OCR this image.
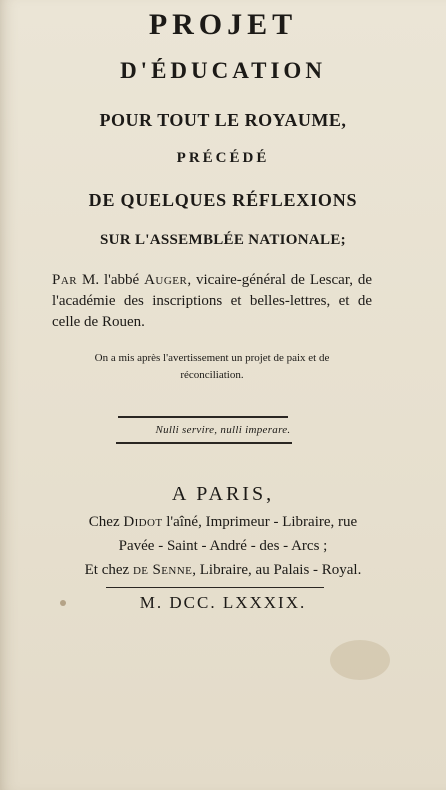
PROJET
D'ÉDUCATION
POUR TOUT LE ROYAUME,
PRÉCÉDÉ
DE QUELQUES RÉFLEXIONS
SUR L'ASSEMBLÉE NATIONALE;
Par M. l'abbé Auger, vicaire-général de Lescar, de l'académie des inscriptions et belles-lettres, et de celle de Rouen.
On a mis après l'avertissement un projet de paix et de réconciliation.
Nulli servire, nulli imperare.
A PARIS,
Chez Didot l'aîné, Imprimeur - Libraire, rue
Pavée - Saint - André - des - Arcs ;
Et chez de Senne, Libraire, au Palais - Royal.
M. DCC. LXXXIX.
